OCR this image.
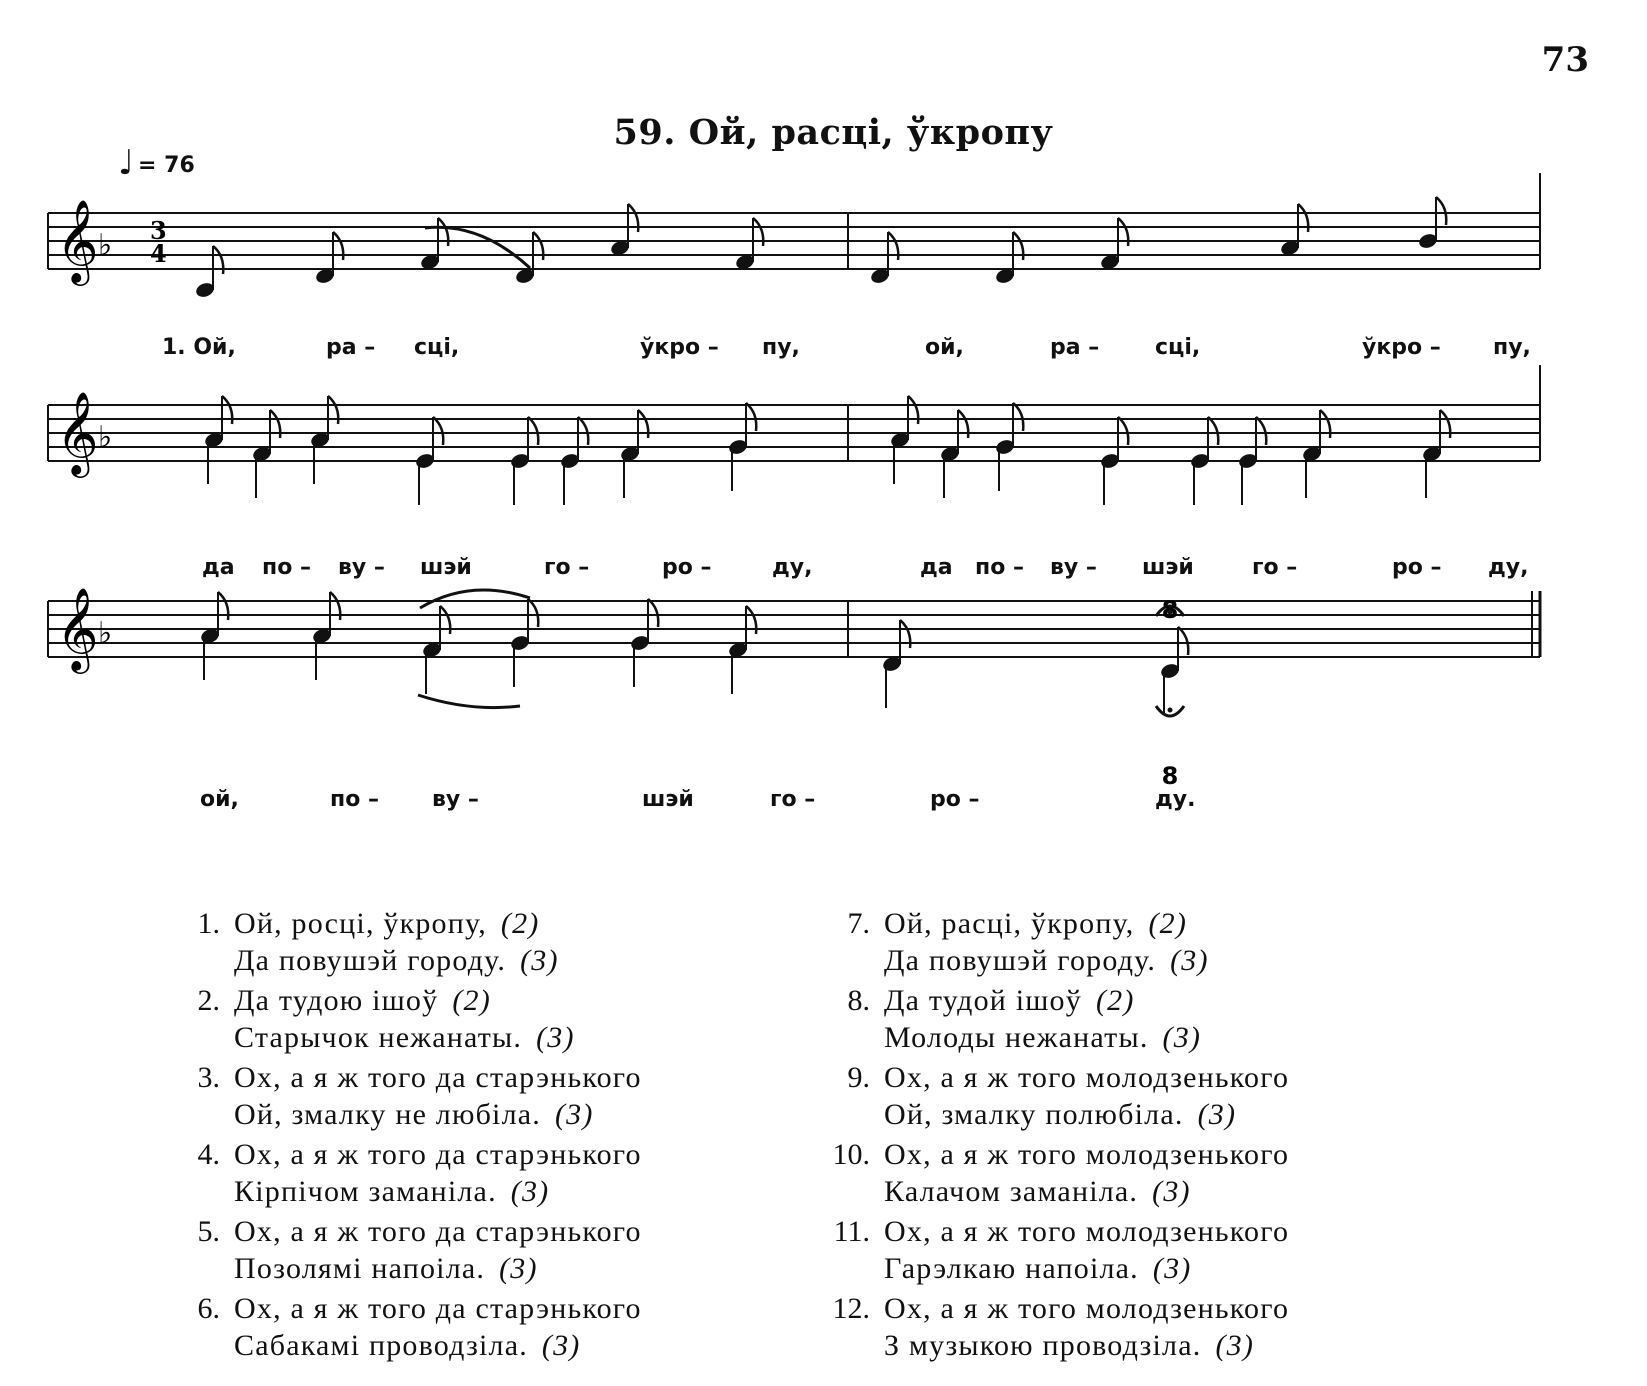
73
59. Ой, расці, ўкропу
♩ = 76
𝄞 ♭
𝄞 ♭
𝄞 ♭
3
4
8
8
1. Ой,	ра – сці,	ўкро – пу,	ой,	ра –	сці,	ўкро – пу,
да по – ву – шэй	го –	ро –	ду,	да по – ву – шэй	го –	ро – ду,
ой,	по – ву –	шэй	го –	ро –	ду.
1. Ой, росці, ўкропу, (2)
Да повушэй городу. (3)
2. Да тудою ішоў (2)
Старычок нежанаты. (3)
3. Ох, а я ж того да старэнького
Ой, змалку не любіла. (3)
4. Ох, а я ж того да старэнького
Кірпічом заманіла. (3)
5. Ох, а я ж того да старэнького
Позолямі напоіла. (3)
6. Ох, а я ж того да старэнького
Сабакамі проводзіла. (3)
7. Ой, расці, ўкропу, (2)
Да повушэй городу. (3)
8. Да тудой ішоў (2)
Молоды нежанаты. (3)
9. Ох, а я ж того молодзенького
Ой, змалку полюбіла. (3)
10. Ох, а я ж того молодзенького
Калачом заманіла. (3)
11. Ох, а я ж того молодзенького
Гарэлкаю напоіла. (3)
12. Ох, а я ж того молодзенького
З музыкою проводзіла. (3)
